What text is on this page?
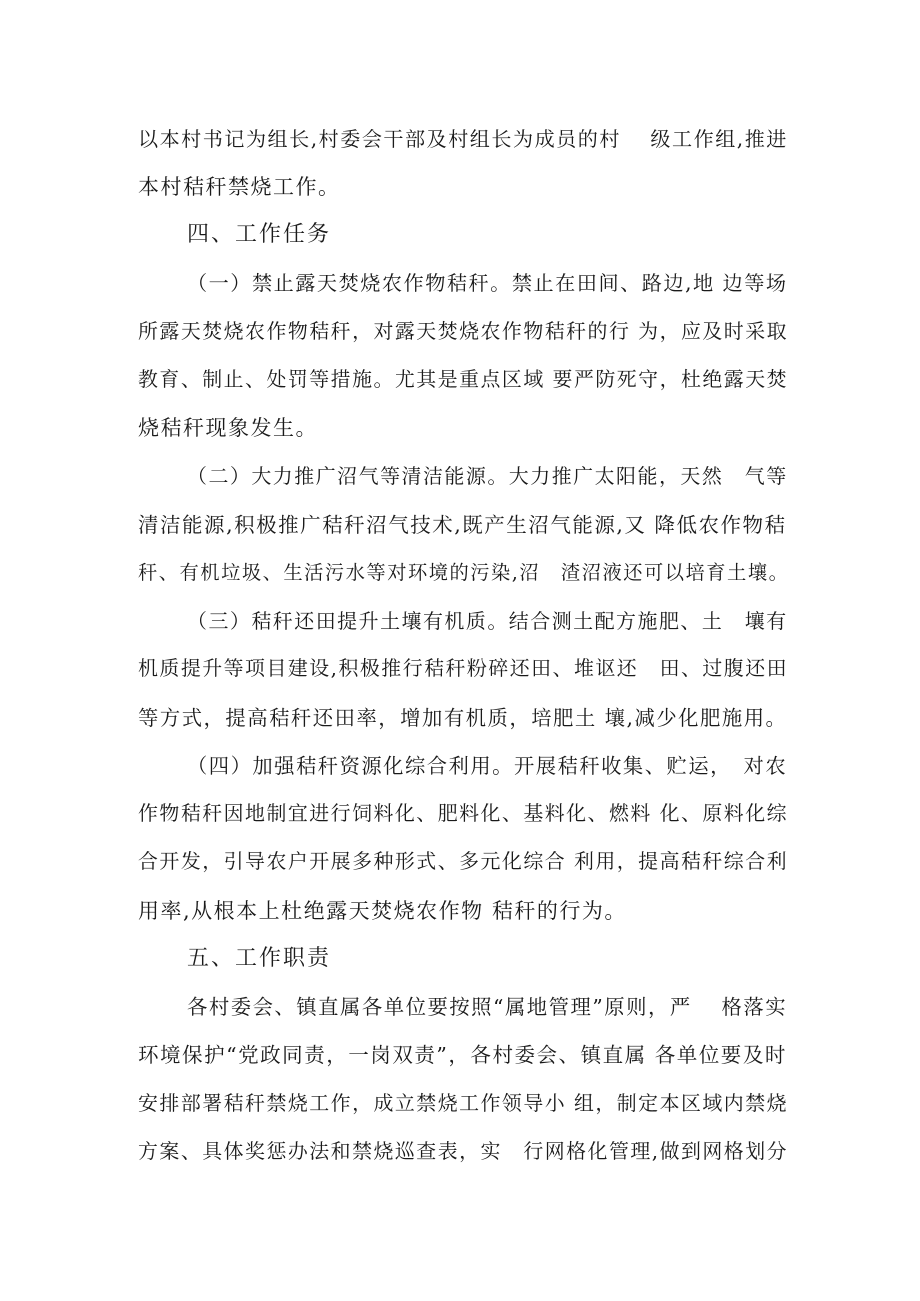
以本村书记为组长,村委会干部及村组长为成员的村　 级工作组,推进
本村秸秆禁烧工作。
四、工作任务
（一）禁止露天焚烧农作物秸秆。禁止在田间、路边,地 边等场
所露天焚烧农作物秸秆，对露天焚烧农作物秸秆的行 为，应及时采取
教育、制止、处罚等措施。尤其是重点区域 要严防死守，杜绝露天焚
烧秸秆现象发生。
（二）大力推广沼气等清洁能源。大力推广太阳能，天然　气等
清洁能源,积极推广秸秆沼气技术,既产生沼气能源,又 降低农作物秸
秆、有机垃圾、生活污水等对环境的污染,沼　渣沼液还可以培育土壤。
（三）秸秆还田提升土壤有机质。结合测土配方施肥、土　壤有
机质提升等项目建设,积极推行秸秆粉碎还田、堆讴还　田、过腹还田
等方式，提高秸秆还田率，增加有机质，培肥土 壤,减少化肥施用。
（四）加强秸秆资源化综合利用。开展秸秆收集、贮运，　对农
作物秸秆因地制宜进行饲料化、肥料化、基料化、燃料 化、原料化综
合开发，引导农户开展多种形式、多元化综合 利用，提高秸秆综合利
用率,从根本上杜绝露天焚烧农作物 秸秆的行为。
五、工作职责
各村委会、镇直属各单位要按照“属地管理”原则，严　 格落实
环境保护“党政同责，一岗双责”，各村委会、镇直属 各单位要及时
安排部署秸秆禁烧工作，成立禁烧工作领导小 组，制定本区域内禁烧
方案、具体奖惩办法和禁烧巡查表，实　行网格化管理,做到网格划分
